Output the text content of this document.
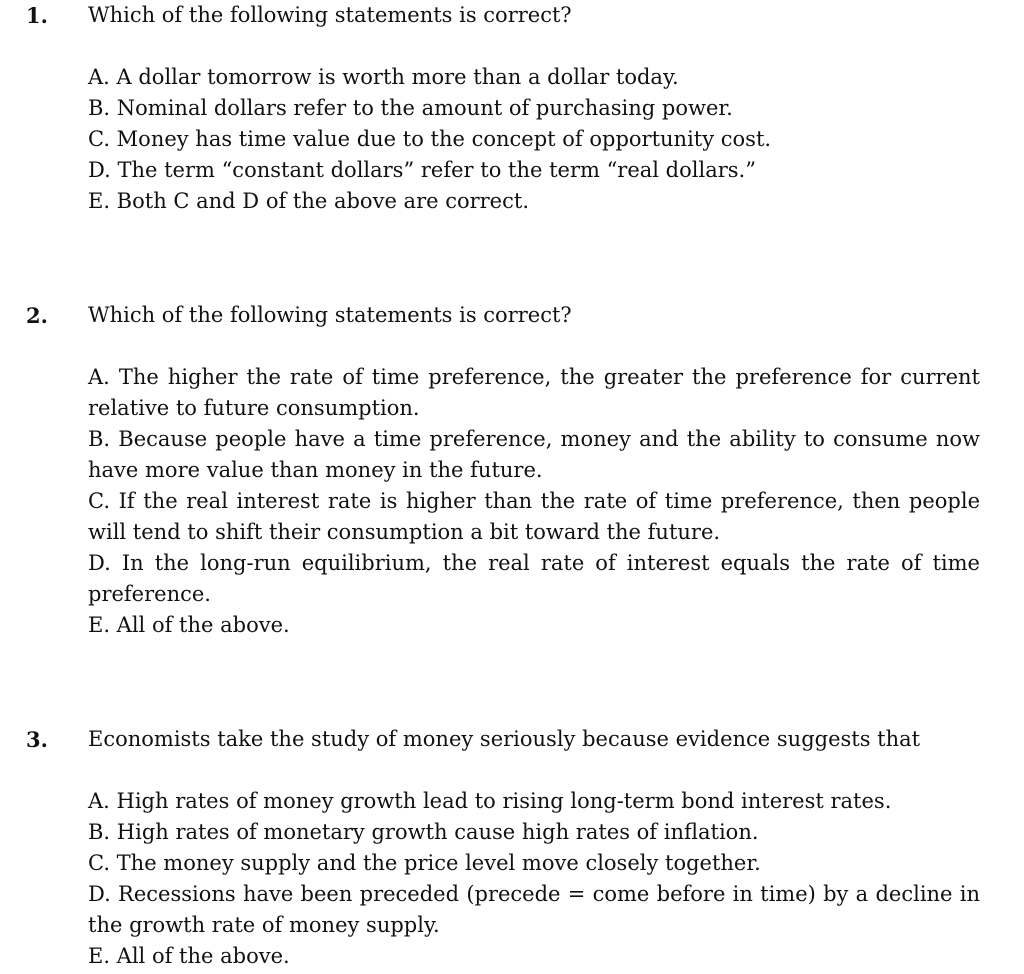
1. Which of the following statements is correct?

A. A dollar tomorrow is worth more than a dollar today.
B. Nominal dollars refer to the amount of purchasing power.
C. Money has time value due to the concept of opportunity cost.
D. The term “constant dollars” refer to the term “real dollars.”
E. Both C and D of the above are correct.
2. Which of the following statements is correct?

A. The higher the rate of time preference, the greater the preference for current relative to future consumption.
B. Because people have a time preference, money and the ability to consume now have more value than money in the future.
C. If the real interest rate is higher than the rate of time preference, then people will tend to shift their consumption a bit toward the future.
D. In the long-run equilibrium, the real rate of interest equals the rate of time preference.
E. All of the above.
3. Economists take the study of money seriously because evidence suggests that

A. High rates of money growth lead to rising long-term bond interest rates.
B. High rates of monetary growth cause high rates of inflation.
C. The money supply and the price level move closely together.
D. Recessions have been preceded (precede = come before in time) by a decline in the growth rate of money supply.
E. All of the above.
